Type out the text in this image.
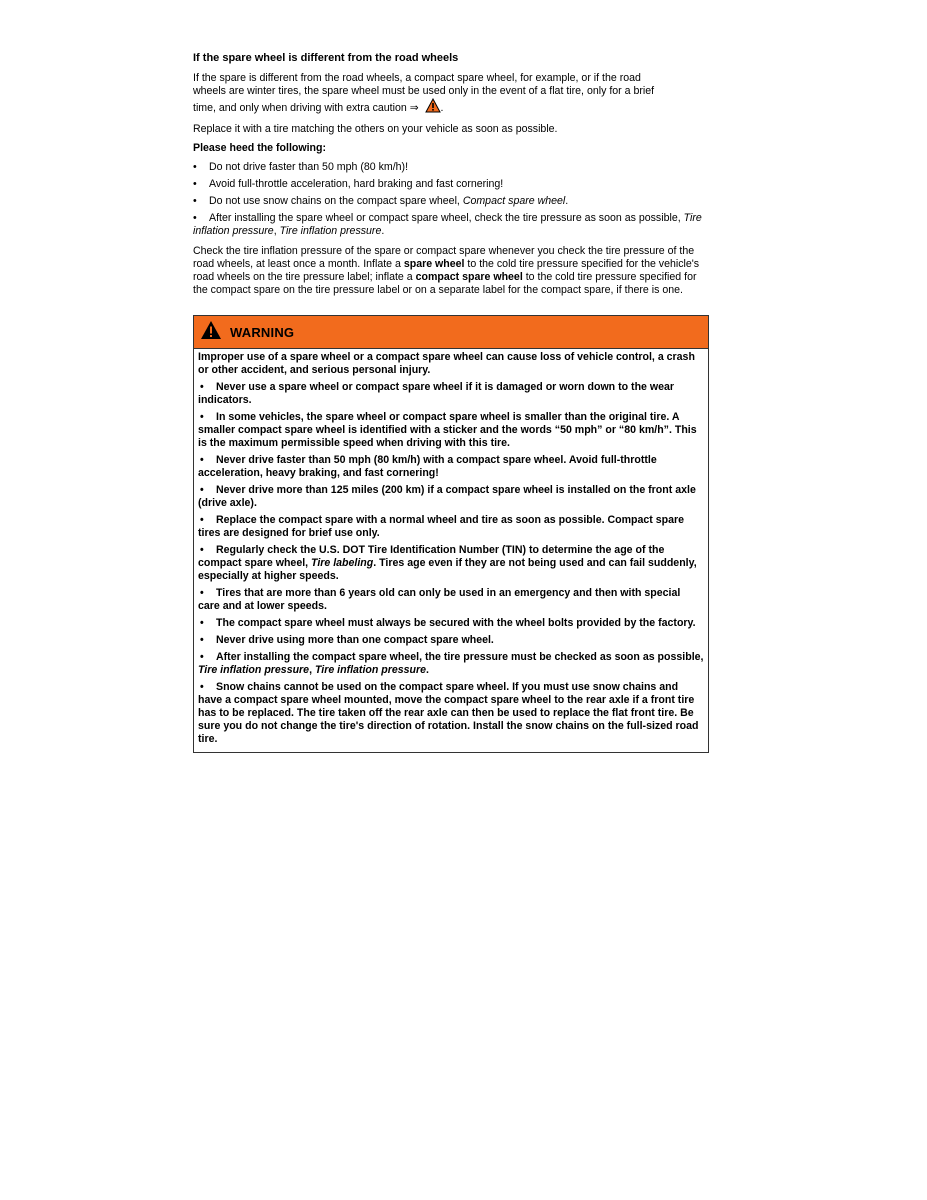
If the spare wheel is different from the road wheels

If the spare is different from the road wheels, a compact spare wheel, for example, or if the road
wheels are winter tires, the spare wheel must be used only in the event of a flat tire, only for a brief
time, and only when driving with extra caution ⇒ .

Replace it with a tire matching the others on your vehicle as soon as possible.

Please heed the following:
• Do not drive faster than 50 mph (80 km/h)!
• Avoid full-throttle acceleration, hard braking and fast cornering!
• Do not use snow chains on the compact spare wheel, Compact spare wheel.
• After installing the spare wheel or compact spare wheel, check the tire pressure as soon as possible, Tire inflation pressure, Tire inflation pressure.

Check the tire inflation pressure of the spare or compact spare whenever you check the tire pressure of the road wheels, at least once a month. Inflate a spare wheel to the cold tire pressure specified for the vehicle's road wheels on the tire pressure label; inflate a compact spare wheel to the cold tire pressure specified for the compact spare on the tire pressure label or on a separate label for the compact spare, if there is one.

WARNING
Improper use of a spare wheel or a compact spare wheel can cause loss of vehicle control, a crash or other accident, and serious personal injury.
• Never use a spare wheel or compact spare wheel if it is damaged or worn down to the wear indicators.
• In some vehicles, the spare wheel or compact spare wheel is smaller than the original tire. A smaller compact spare wheel is identified with a sticker and the words “50 mph” or “80 km/h”. This is the maximum permissible speed when driving with this tire.
• Never drive faster than 50 mph (80 km/h) with a compact spare wheel. Avoid full-throttle acceleration, heavy braking, and fast cornering!
• Never drive more than 125 miles (200 km) if a compact spare wheel is installed on the front axle (drive axle).
• Replace the compact spare with a normal wheel and tire as soon as possible. Compact spare tires are designed for brief use only.
• Regularly check the U.S. DOT Tire Identification Number (TIN) to determine the age of the compact spare wheel, Tire labeling. Tires age even if they are not being used and can fail suddenly, especially at higher speeds.
• Tires that are more than 6 years old can only be used in an emergency and then with special care and at lower speeds.
• The compact spare wheel must always be secured with the wheel bolts provided by the factory.
• Never drive using more than one compact spare wheel.
• After installing the compact spare wheel, the tire pressure must be checked as soon as possible, Tire inflation pressure, Tire inflation pressure.
• Snow chains cannot be used on the compact spare wheel. If you must use snow chains and have a compact spare wheel mounted, move the compact spare wheel to the rear axle if a front tire has to be replaced. The tire taken off the rear axle can then be used to replace the flat front tire. Be sure you do not change the tire's direction of rotation. Install the snow chains on the full-sized road tire.
